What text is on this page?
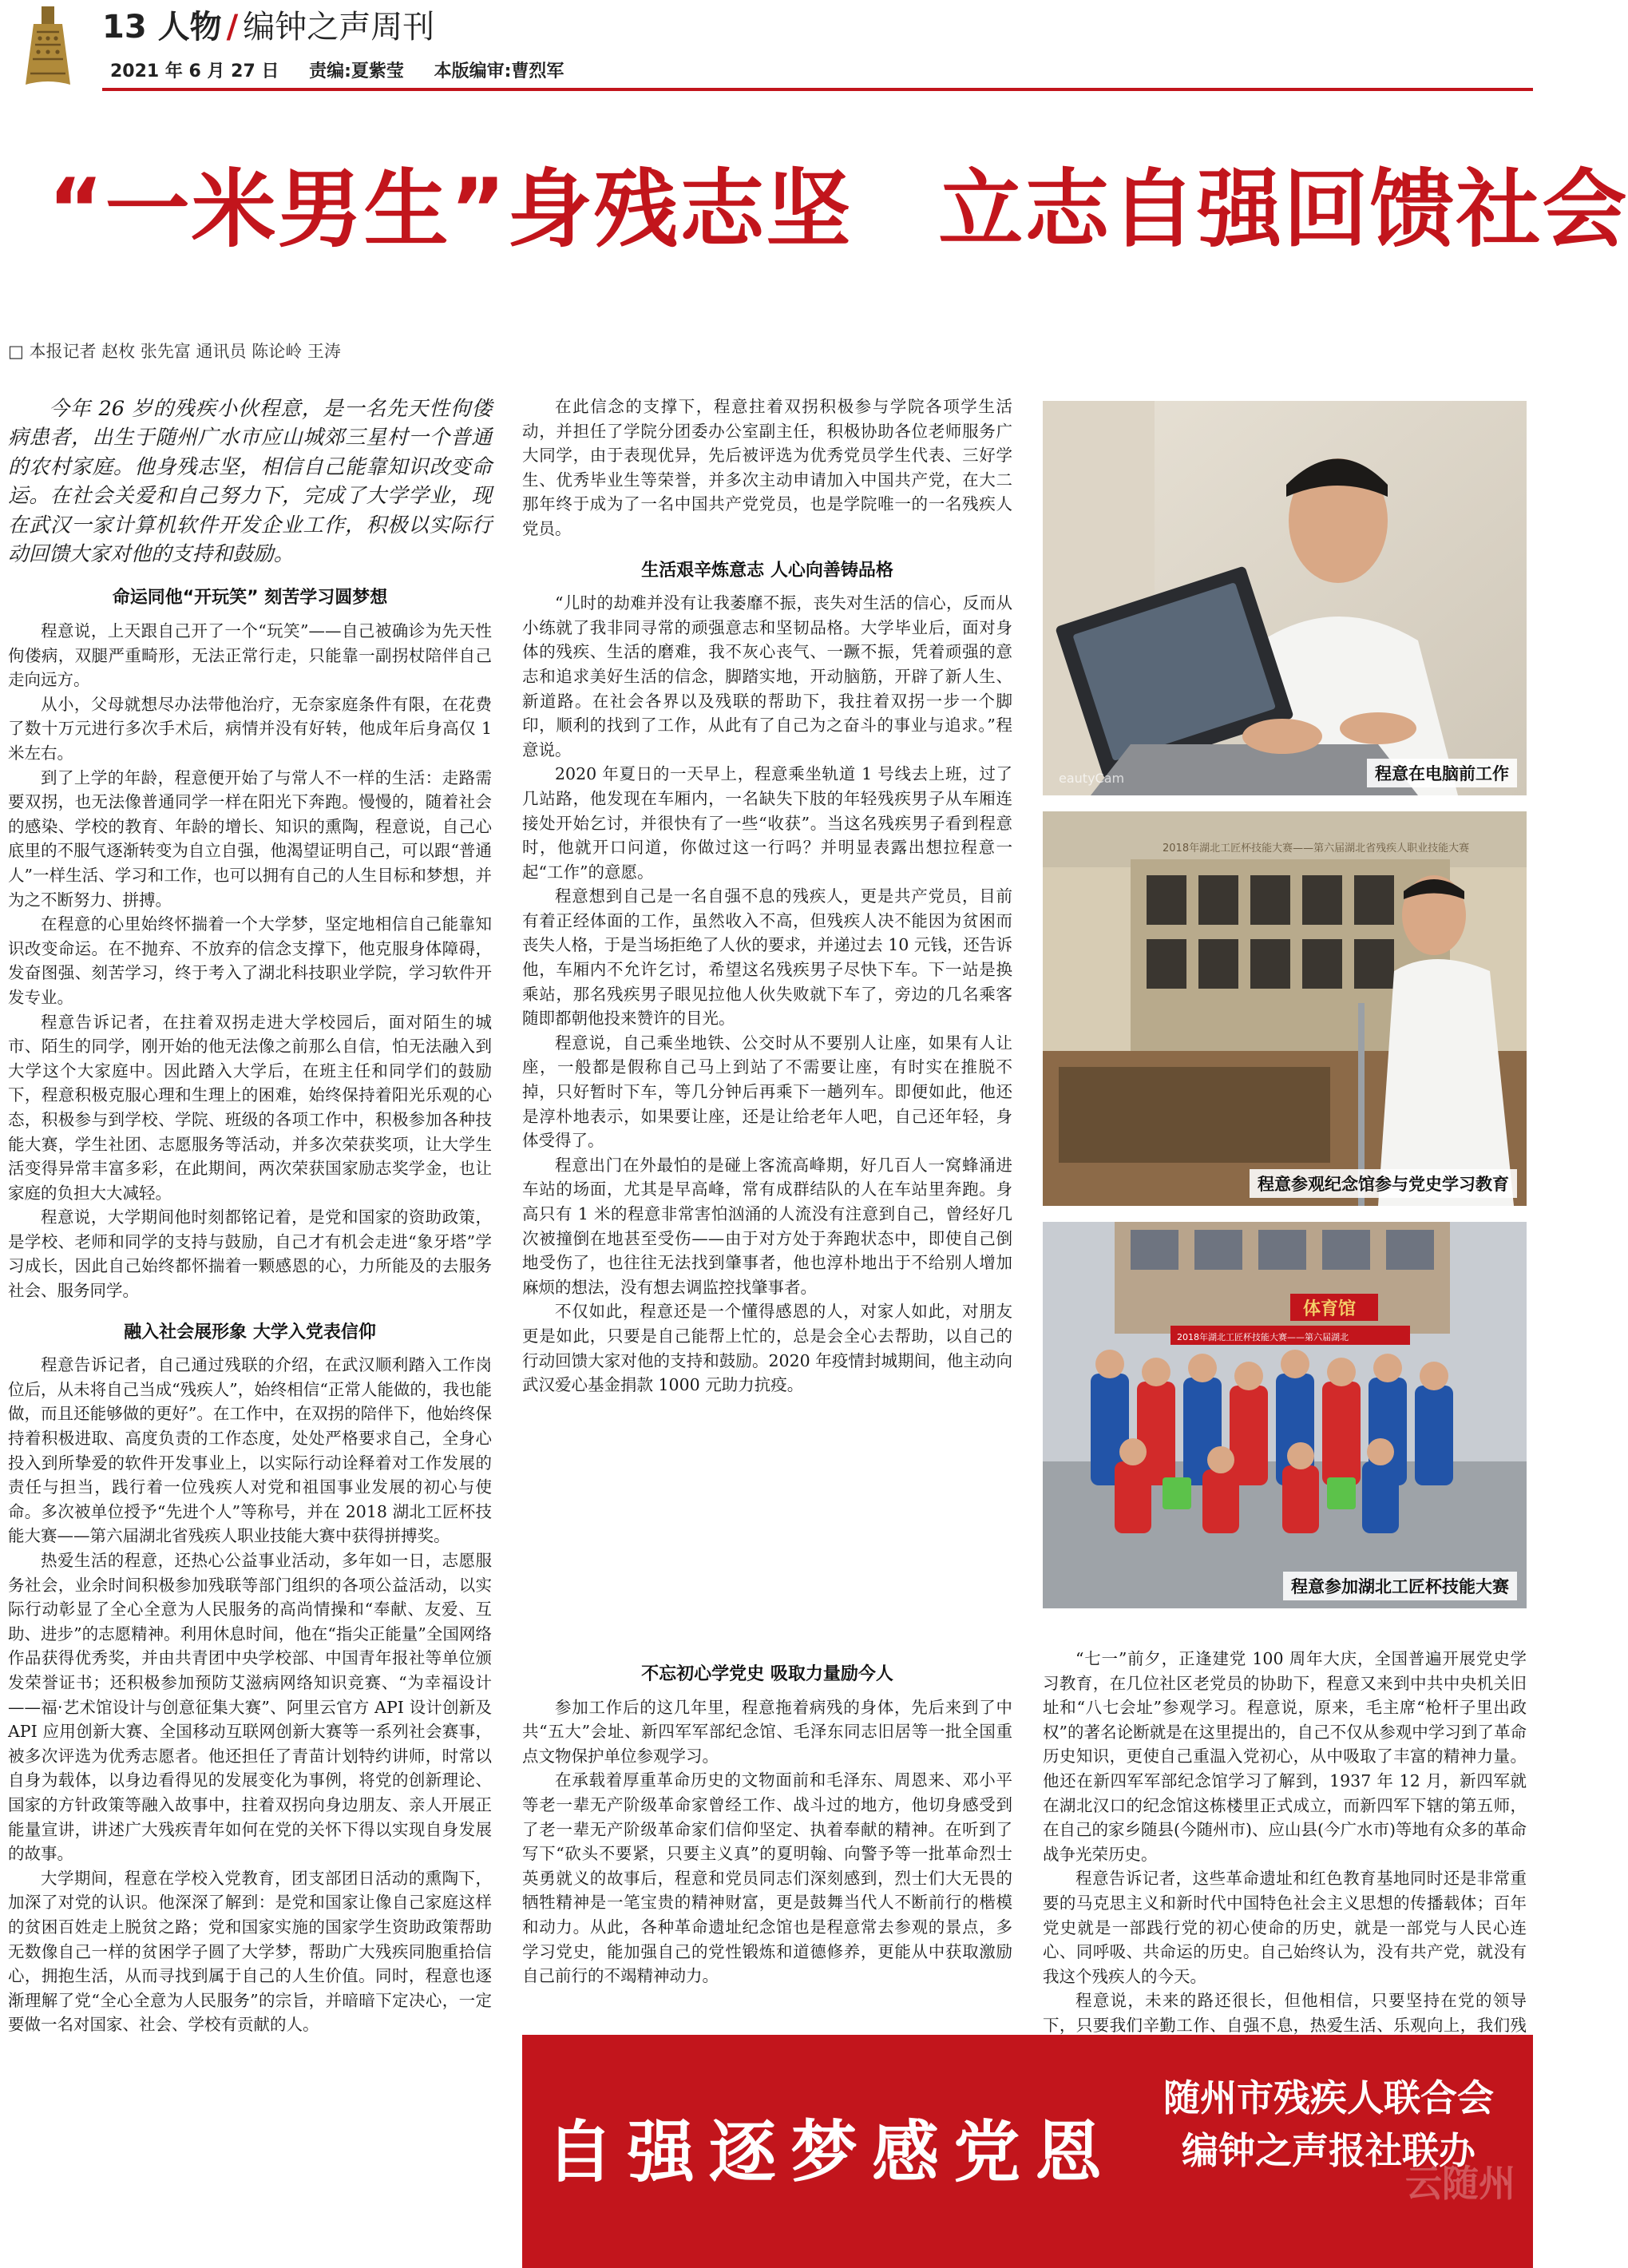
13 人物 / 编钟之声周刊
2021 年 6 月 27 日 责编:夏紫莹 本版编审:曹烈军
“一米男生”身残志坚　立志自强回馈社会
□ 本报记者 赵枚 张先富 通讯员 陈论岭 王涛

今年 26 岁的残疾小伙程意，是一名先天性佝偻病患者，出生于随州广水市应山城郊三星村一个普通的农村家庭。他身残志坚，相信自己能靠知识改变命运。在社会关爱和自己努力下，完成了大学学业，现在武汉一家计算机软件开发企业工作，积极以实际行动回馈大家对他的支持和鼓励。

命运同他“开玩笑” 刻苦学习圆梦想

程意说，上天跟自己开了一个“玩笑”——自己被确诊为先天性佝偻病，双腿严重畸形，无法正常行走，只能靠一副拐杖陪伴自己走向远方。

从小，父母就想尽办法带他治疗，无奈家庭条件有限，在花费了数十万元进行多次手术后，病情并没有好转，他成年后身高仅 1 米左右。

到了上学的年龄，程意便开始了与常人不一样的生活：走路需要双拐，也无法像普通同学一样在阳光下奔跑。慢慢的，随着社会的感染、学校的教育、年龄的增长、知识的熏陶，程意说，自己心底里的不服气逐渐转变为自立自强，他渴望证明自己，可以跟“普通人”一样生活、学习和工作，也可以拥有自己的人生目标和梦想，并为之不断努力、拼搏。

在程意的心里始终怀揣着一个大学梦，坚定地相信自己能靠知识改变命运。在不抛弃、不放弃的信念支撑下，他克服身体障碍，发奋图强、刻苦学习，终于考入了湖北科技职业学院，学习软件开发专业。

程意告诉记者，在拄着双拐走进大学校园后，面对陌生的城市、陌生的同学，刚开始的他无法像之前那么自信，怕无法融入到大学这个大家庭中。因此踏入大学后，在班主任和同学们的鼓励下，程意积极克服心理和生理上的困难，始终保持着阳光乐观的心态，积极参与到学校、学院、班级的各项工作中，积极参加各种技能大赛，学生社团、志愿服务等活动，并多次荣获奖项，让大学生活变得异常丰富多彩，在此期间，两次荣获国家励志奖学金，也让家庭的负担大大减轻。

程意说，大学期间他时刻都铭记着，是党和国家的资助政策，是学校、老师和同学的支持与鼓励，自己才有机会走进“象牙塔”学习成长，因此自己始终都怀揣着一颗感恩的心，力所能及的去服务社会、服务同学。

融入社会展形象 大学入党表信仰

程意告诉记者，自己通过残联的介绍，在武汉顺利踏入工作岗位后，从未将自己当成“残疾人”，始终相信“正常人能做的，我也能做，而且还能够做的更好”。在工作中，在双拐的陪伴下，他始终保持着积极进取、高度负责的工作态度，处处严格要求自己，全身心投入到所挚爱的软件开发事业上，以实际行动诠释着对工作发展的责任与担当，践行着一位残疾人对党和祖国事业发展的初心与使命。多次被单位授予“先进个人”等称号，并在 2018 湖北工匠杯技能大赛——第六届湖北省残疾人职业技能大赛中获得拼搏奖。

热爱生活的程意，还热心公益事业活动，多年如一日，志愿服务社会，业余时间积极参加残联等部门组织的各项公益活动，以实际行动彰显了全心全意为人民服务的高尚情操和“奉献、友爱、互助、进步”的志愿精神。利用休息时间，他在“指尖正能量”全国网络作品获得优秀奖，并由共青团中央学校部、中国青年报社等单位颁发荣誉证书；还积极参加预防艾滋病网络知识竞赛、“为幸福设计——福·艺术馆设计与创意征集大赛”、阿里云官方 API 设计创新及 API 应用创新大赛、全国移动互联网创新大赛等一系列社会赛事，被多次评选为优秀志愿者。他还担任了青苗计划特约讲师，时常以自身为载体，以身边看得见的发展变化为事例，将党的创新理论、国家的方针政策等融入故事中，拄着双拐向身边朋友、亲人开展正能量宣讲，讲述广大残疾青年如何在党的关怀下得以实现自身发展的故事。

大学期间，程意在学校入党教育，团支部团日活动的熏陶下，加深了对党的认识。他深深了解到：是党和国家让像自己家庭这样的贫困百姓走上脱贫之路；党和国家实施的国家学生资助政策帮助无数像自己一样的贫困学子圆了大学梦，帮助广大残疾同胞重拾信心，拥抱生活，从而寻找到属于自己的人生价值。同时，程意也逐渐理解了党“全心全意为人民服务”的宗旨，并暗暗下定决心，一定要做一名对国家、社会、学校有贡献的人。

在此信念的支撑下，程意拄着双拐积极参与学院各项学生活动，并担任了学院分团委办公室副主任，积极协助各位老师服务广大同学，由于表现优异，先后被评选为优秀党员学生代表、三好学生、优秀毕业生等荣誉，并多次主动申请加入中国共产党，在大二那年终于成为了一名中国共产党党员，也是学院唯一的一名残疾人党员。

生活艰辛炼意志 人心向善铸品格

“儿时的劫难并没有让我萎靡不振，丧失对生活的信心，反而从小练就了我非同寻常的顽强意志和坚韧品格。大学毕业后，面对身体的残疾、生活的磨难，我不灰心丧气、一蹶不振，凭着顽强的意志和追求美好生活的信念，脚踏实地，开动脑筋，开辟了新人生、新道路。在社会各界以及残联的帮助下，我拄着双拐一步一个脚印，顺利的找到了工作，从此有了自己为之奋斗的事业与追求。”程意说。

2020 年夏日的一天早上，程意乘坐轨道 1 号线去上班，过了几站路，他发现在车厢内，一名缺失下肢的年轻残疾男子从车厢连接处开始乞讨，并很快有了一些“收获”。当这名残疾男子看到程意时，他就开口问道，你做过这一行吗？并明显表露出想拉程意一起“工作”的意愿。

程意想到自己是一名自强不息的残疾人，更是共产党员，目前有着正经体面的工作，虽然收入不高，但残疾人决不能因为贫困而丧失人格，于是当场拒绝了人伙的要求，并递过去 10 元钱，还告诉他，车厢内不允许乞讨，希望这名残疾男子尽快下车。下一站是换乘站，那名残疾男子眼见拉他人伙失败就下车了，旁边的几名乘客随即都朝他投来赞许的目光。

程意说，自己乘坐地铁、公交时从不要别人让座，如果有人让座，一般都是假称自己马上到站了不需要让座，有时实在推脱不掉，只好暂时下车，等几分钟后再乘下一趟列车。即便如此，他还是淳朴地表示，如果要让座，还是让给老年人吧，自己还年轻，身体受得了。

程意出门在外最怕的是碰上客流高峰期，好几百人一窝蜂涌进车站的场面，尤其是早高峰，常有成群结队的人在车站里奔跑。身高只有 1 米的程意非常害怕汹涌的人流没有注意到自己，曾经好几次被撞倒在地甚至受伤——由于对方处于奔跑状态中，即使自己倒地受伤了，也往往无法找到肇事者，他也淳朴地出于不给别人增加麻烦的想法，没有想去调监控找肇事者。

不仅如此，程意还是一个懂得感恩的人，对家人如此，对朋友更是如此，只要是自己能帮上忙的，总是会全心去帮助，以自己的行动回馈大家对他的支持和鼓励。2020 年疫情封城期间，他主动向武汉爱心基金捐款 1000 元助力抗疫。

不忘初心学党史 吸取力量励今人

参加工作后的这几年里，程意拖着病残的身体，先后来到了中共“五大”会址、新四军军部纪念馆、毛泽东同志旧居等一批全国重点文物保护单位参观学习。

在承载着厚重革命历史的文物面前和毛泽东、周恩来、邓小平等老一辈无产阶级革命家曾经工作、战斗过的地方，他切身感受到了老一辈无产阶级革命家们信仰坚定、执着奉献的精神。在听到了写下“砍头不要紧，只要主义真”的夏明翰、向警予等一批革命烈士英勇就义的故事后，程意和党员同志们深刻感到，烈士们大无畏的牺牲精神是一笔宝贵的精神财富，更是鼓舞当代人不断前行的楷模和动力。从此，各种革命遗址纪念馆也是程意常去参观的景点，多学习党史，能加强自己的党性锻炼和道德修养，更能从中获取激励自己前行的不竭精神动力。

“七一”前夕，正逢建党 100 周年大庆，全国普遍开展党史学习教育，在几位社区老党员的协助下，程意又来到中共中央机关旧址和“八七会址”参观学习。程意说，原来，毛主席“枪杆子里出政权”的著名论断就是在这里提出的，自己不仅从参观中学习到了革命历史知识，更使自己重温入党初心，从中吸取了丰富的精神力量。他还在新四军军部纪念馆学习了解到，1937 年 12 月，新四军就在湖北汉口的纪念馆这栋楼里正式成立，而新四军下辖的第五师，在自己的家乡随县(今随州市)、应山县(今广水市)等地有众多的革命战争光荣历史。

程意告诉记者，这些革命遗址和红色教育基地同时还是非常重要的马克思主义和新时代中国特色社会主义思想的传播载体；百年党史就是一部践行党的初心使命的历史，就是一部党与人民心连心、同呼吸、共命运的历史。自己始终认为，没有共产党，就没有我这个残疾人的今天。

程意说，未来的路还很长，但他相信，只要坚持在党的领导下，只要我们辛勤工作、自强不息，热爱生活、乐观向上，我们残

eautyCam	程意在电脑前工作
2018年湖北工匠杯技能大赛——第六届湖北省残疾人职业技能大赛
程意参观纪念馆参与党史学习教育
体育馆
2018年湖北工匠杯技能大赛——第六届湖北
程意参加湖北工匠杯技能大赛
自强逐梦感党恩
随州市残疾人联合会
编钟之声报社联办
云随州
